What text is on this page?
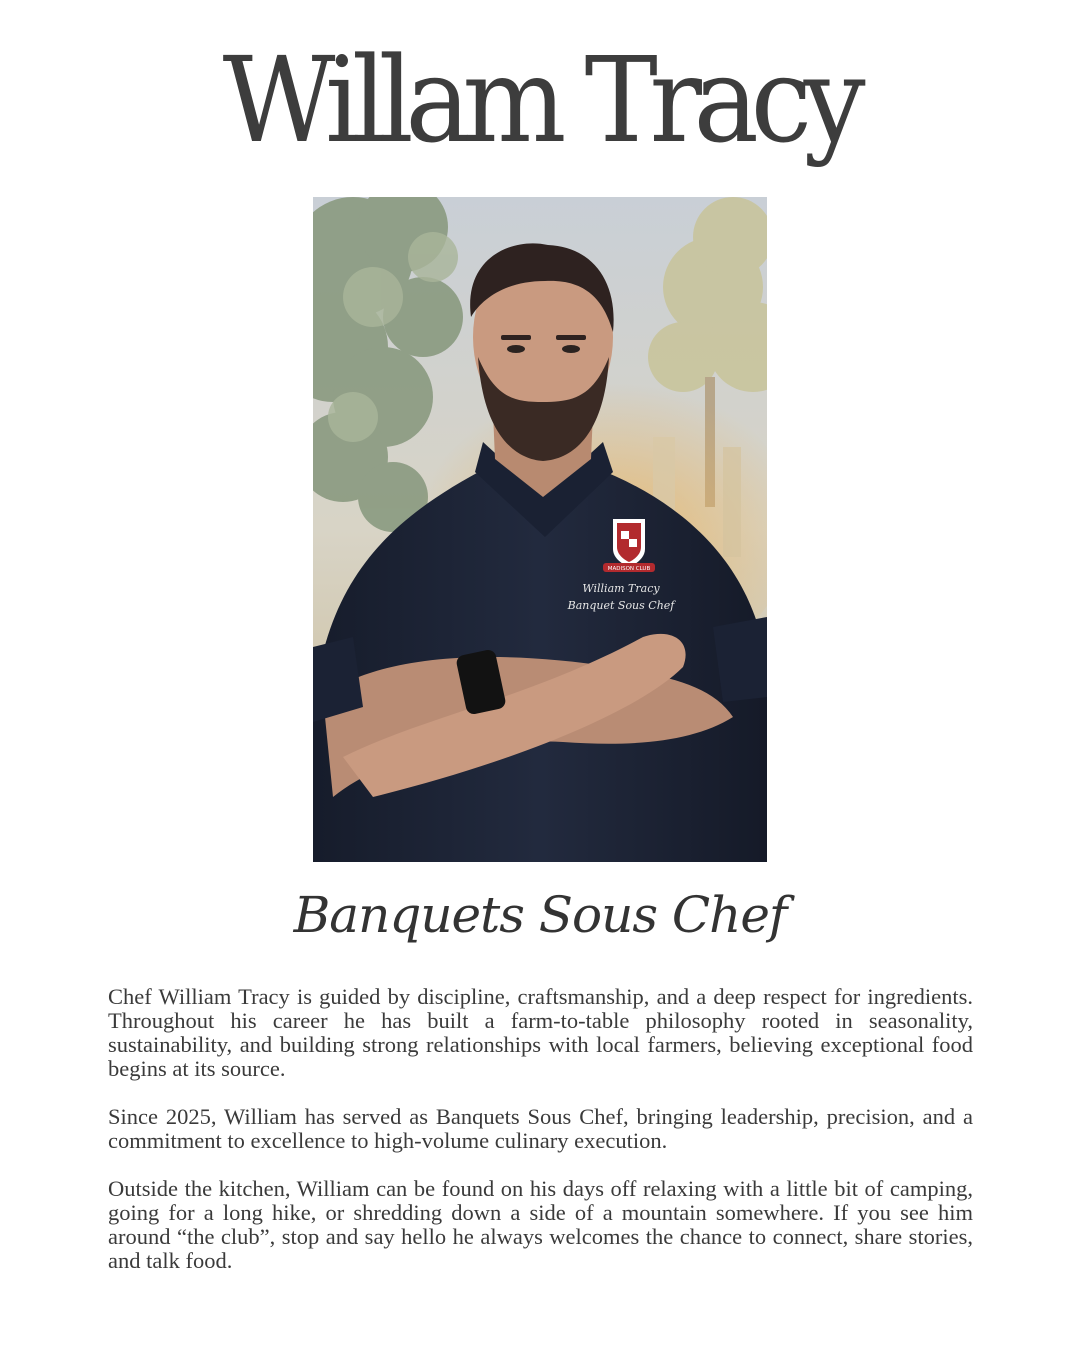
Willam Tracy
MADISON CLUB
William Tracy
Banquet Sous Chef
Banquets Sous Chef

Chef William Tracy is guided by discipline, craftsmanship, and a deep respect for ingredients. Throughout his career he has built a farm-to-table philosophy rooted in seasonality, sustainability, and building strong relationships with local farmers, believing exceptional food begins at its source.

Since 2025, William has served as Banquets Sous Chef, bringing leadership, precision, and a commitment to excellence to high-volume culinary execution.

Outside the kitchen, William can be found on his days off relaxing with a little bit of camping, going for a long hike, or shredding down a side of a mountain somewhere. If you see him around “the club”, stop and say hello he always welcomes the chance to connect, share stories, and talk food.
